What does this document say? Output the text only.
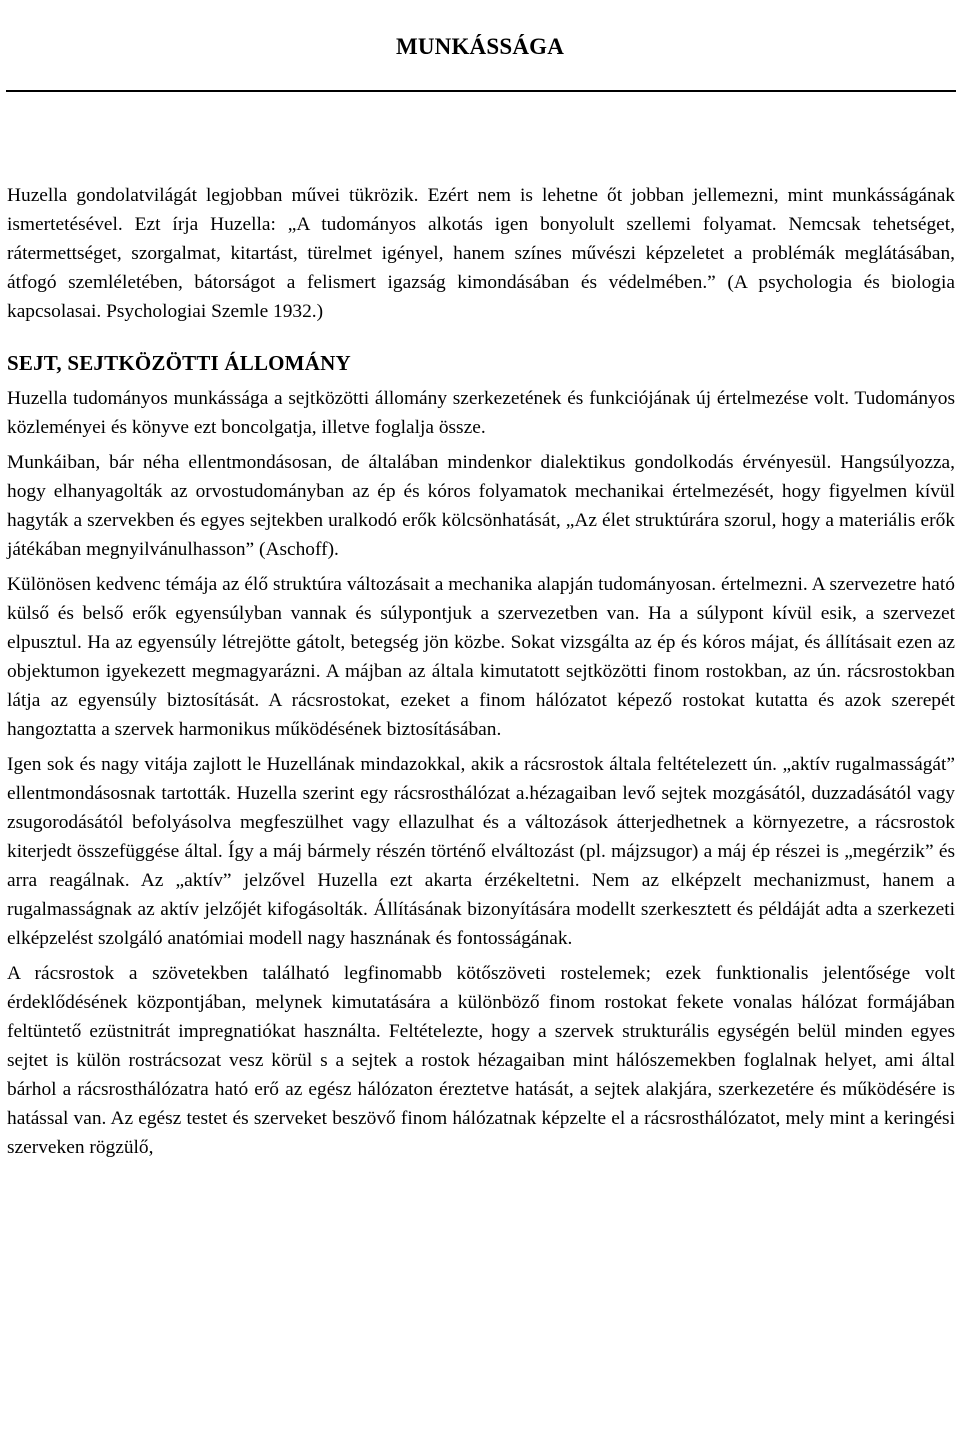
MUNKÁSSÁGA

Huzella gondolatvilágát legjobban művei tükrözik. Ezért nem is lehetne őt jobban jellemezni, mint munkásságának ismertetésével. Ezt írja Huzella: „A tudományos alkotás igen bonyolult szellemi folyamat. Nemcsak tehetséget, rátermettséget, szorgalmat, kitartást, türelmet igényel, hanem színes művészi képzeletet a problémák meglátásában, átfogó szemléletében, bátorságot a felismert igazság kimondásában és védelmében.” (A psychologia és biologia kapcsolasai. Psychologiai Szemle 1932.)

SEJT, SEJTKÖZÖTTI ÁLLOMÁNY

Huzella tudományos munkássága a sejtközötti állomány szerkezetének és funkciójának új értelmezése volt. Tudományos közleményei és könyve ezt boncolgatja, illetve foglalja össze.

Munkáiban, bár néha ellentmondásosan, de általában mindenkor dialektikus gondolkodás érvényesül. Hangsúlyozza, hogy elhanyagolták az orvostudományban az ép és kóros folyamatok mechanikai értelmezését, hogy figyelmen kívül hagyták a szervekben és egyes sejtekben uralkodó erők kölcsönhatását, „Az élet struktúrára szorul, hogy a materiális erők játékában megnyilvánulhasson” (Aschoff).

Különösen kedvenc témája az élő struktúra változásait a mechanika alapján tudományosan. értelmezni. A szervezetre ható külső és belső erők egyensúlyban vannak és súlypontjuk a szervezetben van. Ha a súlypont kívül esik, a szervezet elpusztul. Ha az egyensúly létrejötte gátolt, betegség jön közbe. Sokat vizsgálta az ép és kóros májat, és állításait ezen az objektumon igyekezett megmagyarázni. A májban az általa kimutatott sejtközötti finom rostokban, az ún. rácsrostokban látja az egyensúly biztosítását. A rácsrostokat, ezeket a finom hálózatot képező rostokat kutatta és azok szerepét hangoztatta a szervek harmonikus működésének biztosításában.

Igen sok és nagy vitája zajlott le Huzellának mindazokkal, akik a rácsrostok általa feltételezett ún. „aktív rugalmasságát” ellentmondásosnak tartották. Huzella szerint egy rácsrosthálózat a.hézagaiban levő sejtek mozgásától, duzzadásától vagy zsugorodásától befolyásolva megfeszülhet vagy ellazulhat és a változások átterjedhetnek a környezetre, a rácsrostok kiterjedt összefüggése által. Így a máj bármely részén történő elváltozást (pl. májzsugor) a máj ép részei is „megérzik” és arra reagálnak. Az „aktív” jelzővel Huzella ezt akarta érzékeltetni. Nem az elképzelt mechanizmust, hanem a rugalmasságnak az aktív jelzőjét kifogásolták. Állításának bizonyítására modellt szerkesztett és példáját adta a szerkezeti elképzelést szolgáló anatómiai modell nagy hasznának és fontosságának.

A rácsrostok a szövetekben található legfinomabb kötőszöveti rostelemek; ezek funktionalis jelentősége volt érdeklődésének központjában, melynek kimutatására a különböző finom rostokat fekete vonalas hálózat formájában feltüntető ezüstnitrát impregnatiókat használta. Feltételezte, hogy a szervek strukturális egységén belül minden egyes sejtet is külön rostrácsozat vesz körül s a sejtek a rostok hézagaiban mint hálószemekben foglalnak helyet, ami által bárhol a rácsrosthálózatra ható erő az egész hálózaton éreztetve hatását, a sejtek alakjára, szerkezetére és működésére is hatással van. Az egész testet és szerveket beszövő finom hálózatnak képzelte el a rácsrosthálózatot, mely mint a keringési szerveken rögzülő,
